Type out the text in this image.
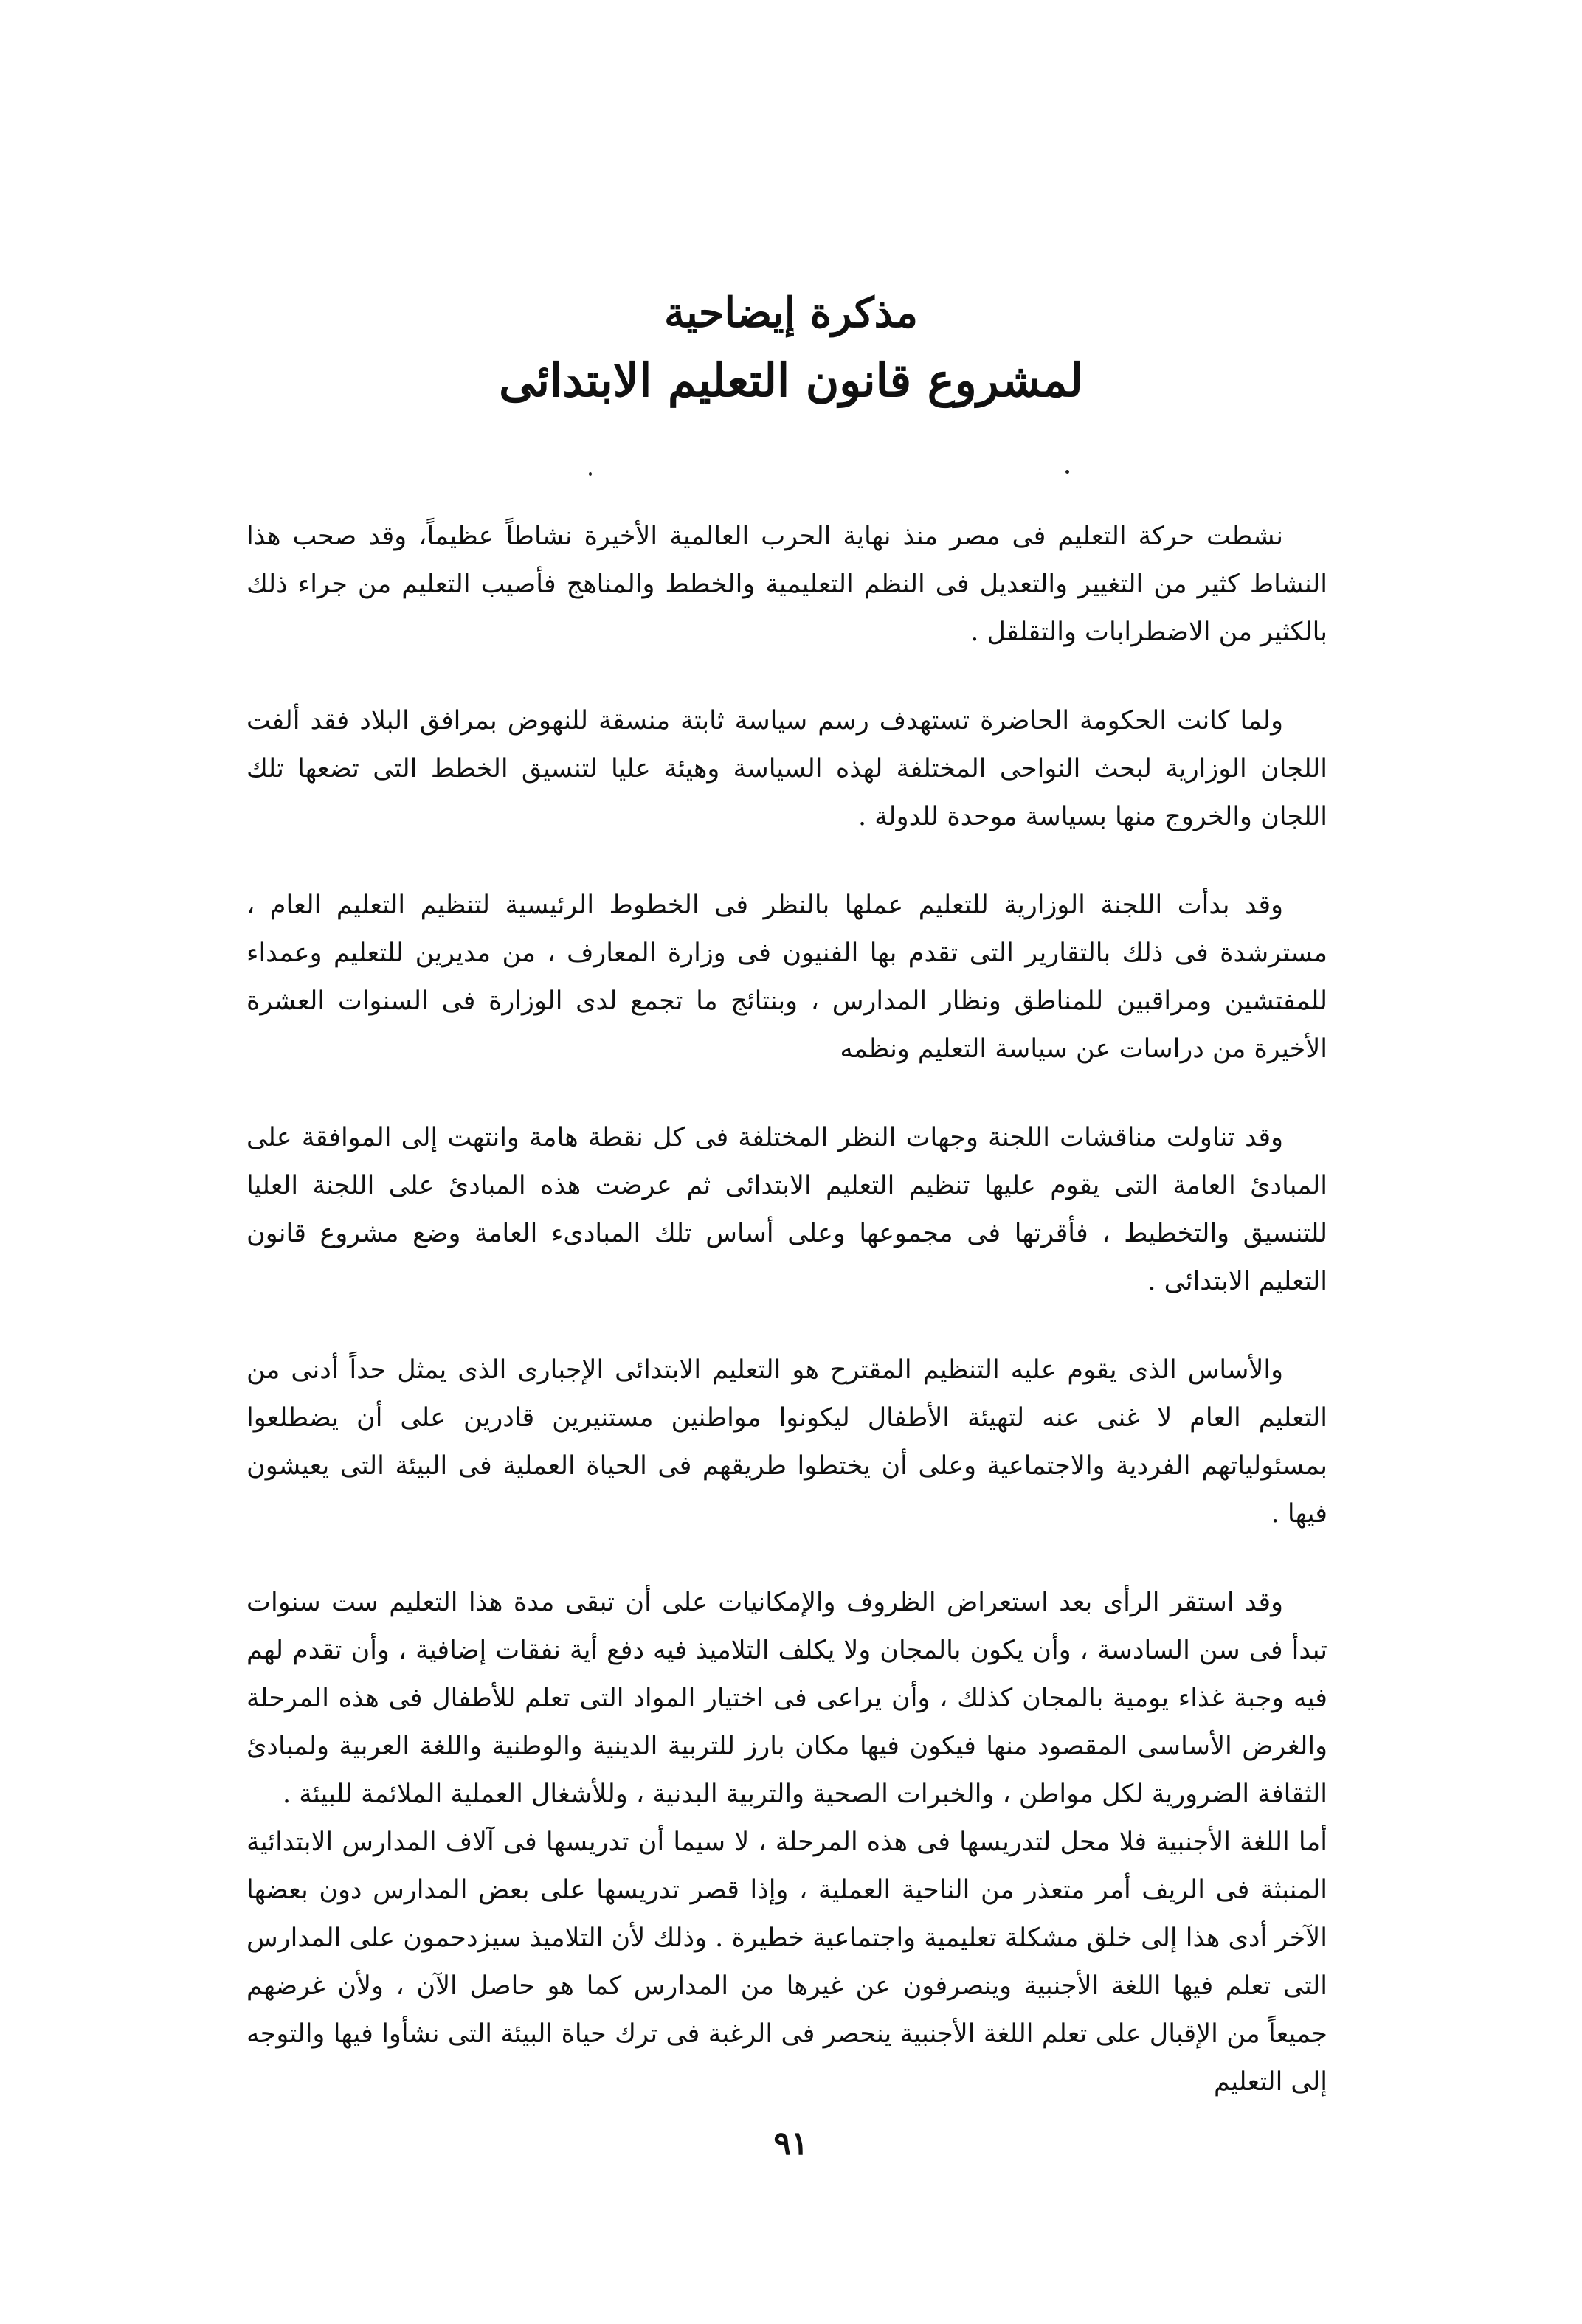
مذكرة إيضاحية
لمشروع قانون التعليم الابتدائى

نشطت حركة التعليم فى مصر منذ نهاية الحرب العالمية الأخيرة نشاطاً عظيماً، وقد صحب هذا النشاط كثير من التغيير والتعديل فى النظم التعليمية والخطط والمناهج فأصيب التعليم من جراء ذلك بالكثير من الاضطرابات والتقلقل .

ولما كانت الحكومة الحاضرة تستهدف رسم سياسة ثابتة منسقة للنهوض بمرافق البلاد فقد ألفت اللجان الوزارية لبحث النواحى المختلفة لهذه السياسة وهيئة عليا لتنسيق الخطط التى تضعها تلك اللجان والخروج منها بسياسة موحدة للدولة .

وقد بدأت اللجنة الوزارية للتعليم عملها بالنظر فى الخطوط الرئيسية لتنظيم التعليم العام ، مسترشدة فى ذلك بالتقارير التى تقدم بها الفنيون فى وزارة المعارف ، من مديرين للتعليم وعمداء للمفتشين ومراقبين للمناطق ونظار المدارس ، وبنتائج ما تجمع لدى الوزارة فى السنوات العشرة الأخيرة من دراسات عن سياسة التعليم ونظمه

وقد تناولت مناقشات اللجنة وجهات النظر المختلفة فى كل نقطة هامة وانتهت إلى الموافقة على المبادئ العامة التى يقوم عليها تنظيم التعليم الابتدائى ثم عرضت هذه المبادئ على اللجنة العليا للتنسيق والتخطيط ، فأقرتها فى مجموعها وعلى أساس تلك المبادىء العامة وضع مشروع قانون التعليم الابتدائى .

والأساس الذى يقوم عليه التنظيم المقترح هو التعليم الابتدائى الإجبارى الذى يمثل حداً أدنى من التعليم العام لا غنى عنه لتهيئة الأطفال ليكونوا مواطنين مستنيرين قادرين على أن يضطلعوا بمسئولياتهم الفردية والاجتماعية وعلى أن يختطوا طريقهم فى الحياة العملية فى البيئة التى يعيشون فيها .

وقد استقر الرأى بعد استعراض الظروف والإمكانيات على أن تبقى مدة هذا التعليم ست سنوات تبدأ فى سن السادسة ، وأن يكون بالمجان ولا يكلف التلاميذ فيه دفع أية نفقات إضافية ، وأن تقدم لهم فيه وجبة غذاء يومية بالمجان كذلك ، وأن يراعى فى اختيار المواد التى تعلم للأطفال فى هذه المرحلة والغرض الأساسى المقصود منها فيكون فيها مكان بارز للتربية الدينية والوطنية واللغة العربية ولمبادئ الثقافة الضرورية لكل مواطن ، والخبرات الصحية والتربية البدنية ، وللأشغال العملية الملائمة للبيئة .

أما اللغة الأجنبية فلا محل لتدريسها فى هذه المرحلة ، لا سيما أن تدريسها فى آلاف المدارس الابتدائية المنبثة فى الريف أمر متعذر من الناحية العملية ، وإذا قصر تدريسها على بعض المدارس دون بعضها الآخر أدى هذا إلى خلق مشكلة تعليمية واجتماعية خطيرة . وذلك لأن التلاميذ سيزدحمون على المدارس التى تعلم فيها اللغة الأجنبية وينصرفون عن غيرها من المدارس كما هو حاصل الآن ، ولأن غرضهم جميعاً من الإقبال على تعلم اللغة الأجنبية ينحصر فى الرغبة فى ترك حياة البيئة التى نشأوا فيها والتوجه إلى التعليم

٩١
